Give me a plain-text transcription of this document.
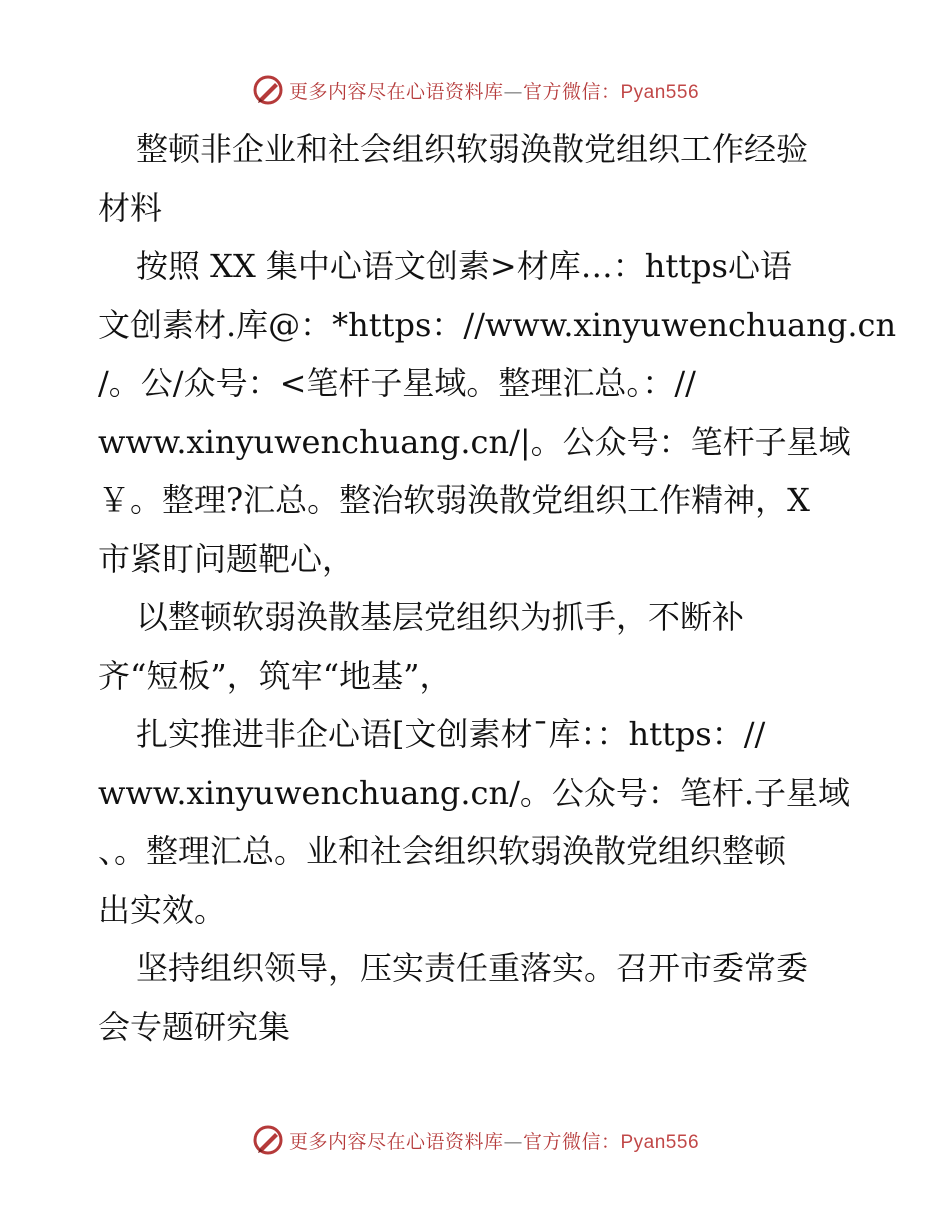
更多内容尽在心语资料库—官方微信：Pyan556
整顿非企业和社会组织软弱涣散党组织工作经验
材料
按照 XX 集中心语文创素>材库…：https心语
文创素材.库@：*https：//www.xinyuwenchuang.cn
/。公/众号：<笔杆子星域。整理汇总。：//
www.xinyuwenchuang.cn/|。公众号：笔杆子星域
￥。整理?汇总。整治软弱涣散党组织工作精神，X
市紧盯问题靶心，
以整顿软弱涣散基层党组织为抓手，不断补
齐“短板”，筑牢“地基”，
扎实推进非企心语[文创素材¯库：：https：//
www.xinyuwenchuang.cn/。公众号：笔杆.子星域
、。整理汇总。业和社会组织软弱涣散党组织整顿
出实效。
坚持组织领导，压实责任重落实。召开市委常委
会专题研究集
更多内容尽在心语资料库—官方微信：Pyan556
